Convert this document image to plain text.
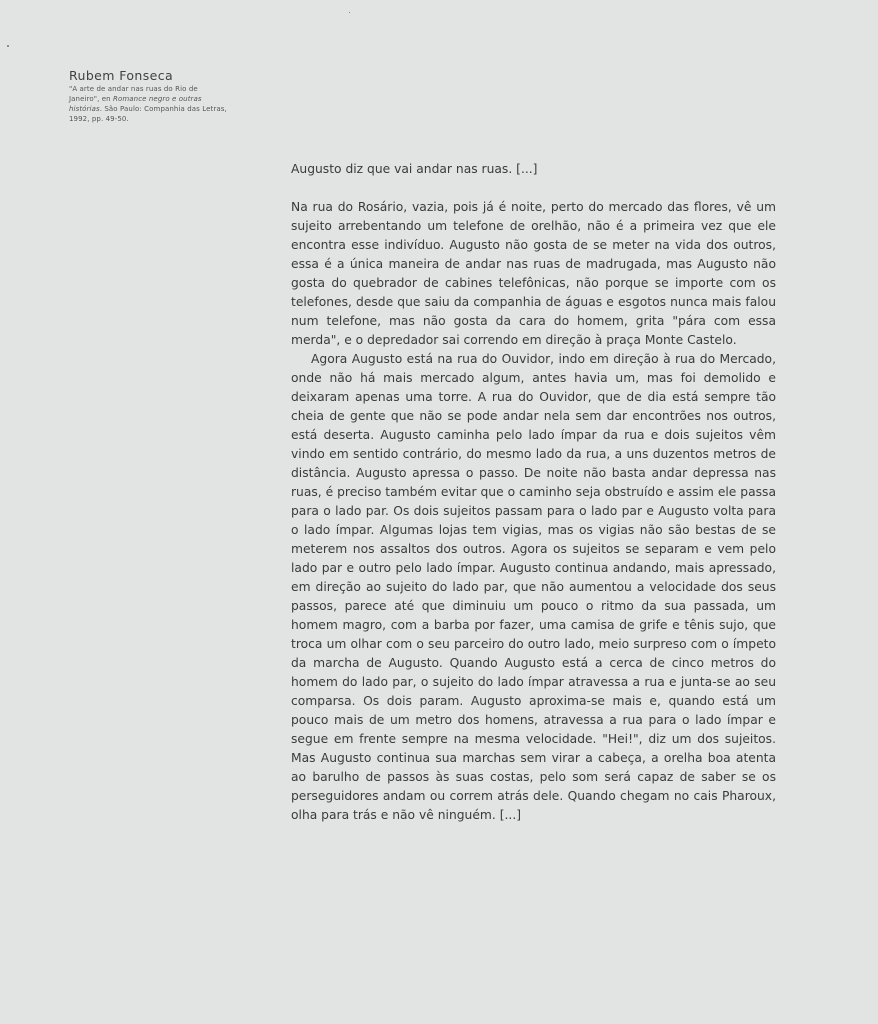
Rubem Fonseca

"A arte de andar nas ruas do Rio de Janeiro", en Romance negro e outras histórias. São Paulo: Companhia das Letras, 1992, pp. 49-50.

Augusto diz que vai andar nas ruas. [...]

Na rua do Rosário, vazia, pois já é noite, perto do mercado das flores, vê um sujeito arrebentando um telefone de orelhão, não é a primeira vez que ele encontra esse indivíduo. Augusto não gosta de se meter na vida dos outros, essa é a única maneira de andar nas ruas de madrugada, mas Augusto não gosta do quebrador de cabines telefônicas, não porque se importe com os telefones, desde que saiu da companhia de águas e esgotos nunca mais falou num telefone, mas não gosta da cara do homem, grita "pára com essa merda", e o depredador sai correndo em direção à praça Monte Castelo.

Agora Augusto está na rua do Ouvidor, indo em direção à rua do Mercado, onde não há mais mercado algum, antes havia um, mas foi demolido e deixaram apenas uma torre. A rua do Ouvidor, que de dia está sempre tão cheia de gente que não se pode andar nela sem dar encontrões nos outros, está deserta. Augusto caminha pelo lado ímpar da rua e dois sujeitos vêm vindo em sentido contrário, do mesmo lado da rua, a uns duzentos metros de distância. Augusto apressa o passo. De noite não basta andar depressa nas ruas, é preciso também evitar que o caminho seja obstruído e assim ele passa para o lado par. Os dois sujeitos passam para o lado par e Augusto volta para o lado ímpar. Algumas lojas tem vigias, mas os vigias não são bestas de se meterem nos assaltos dos outros. Agora os sujeitos se separam e vem pelo lado par e outro pelo lado ímpar. Augusto continua andando, mais apressado, em direção ao sujeito do lado par, que não aumentou a velocidade dos seus passos, parece até que diminuiu um pouco o ritmo da sua passada, um homem magro, com a barba por fazer, uma camisa de grife e tênis sujo, que troca um olhar com o seu parceiro do outro lado, meio surpreso com o ímpeto da marcha de Augusto. Quando Augusto está a cerca de cinco metros do homem do lado par, o sujeito do lado ímpar atravessa a rua e junta-se ao seu comparsa. Os dois param. Augusto aproxima-se mais e, quando está um pouco mais de um metro dos homens, atravessa a rua para o lado ímpar e segue em frente sempre na mesma velocidade. "Hei!", diz um dos sujeitos. Mas Augusto continua sua marchas sem virar a cabeça, a orelha boa atenta ao barulho de passos às suas costas, pelo som será capaz de saber se os perseguidores andam ou correm atrás dele. Quando chegam no cais Pharoux, olha para trás e não vê ninguém. [...]
